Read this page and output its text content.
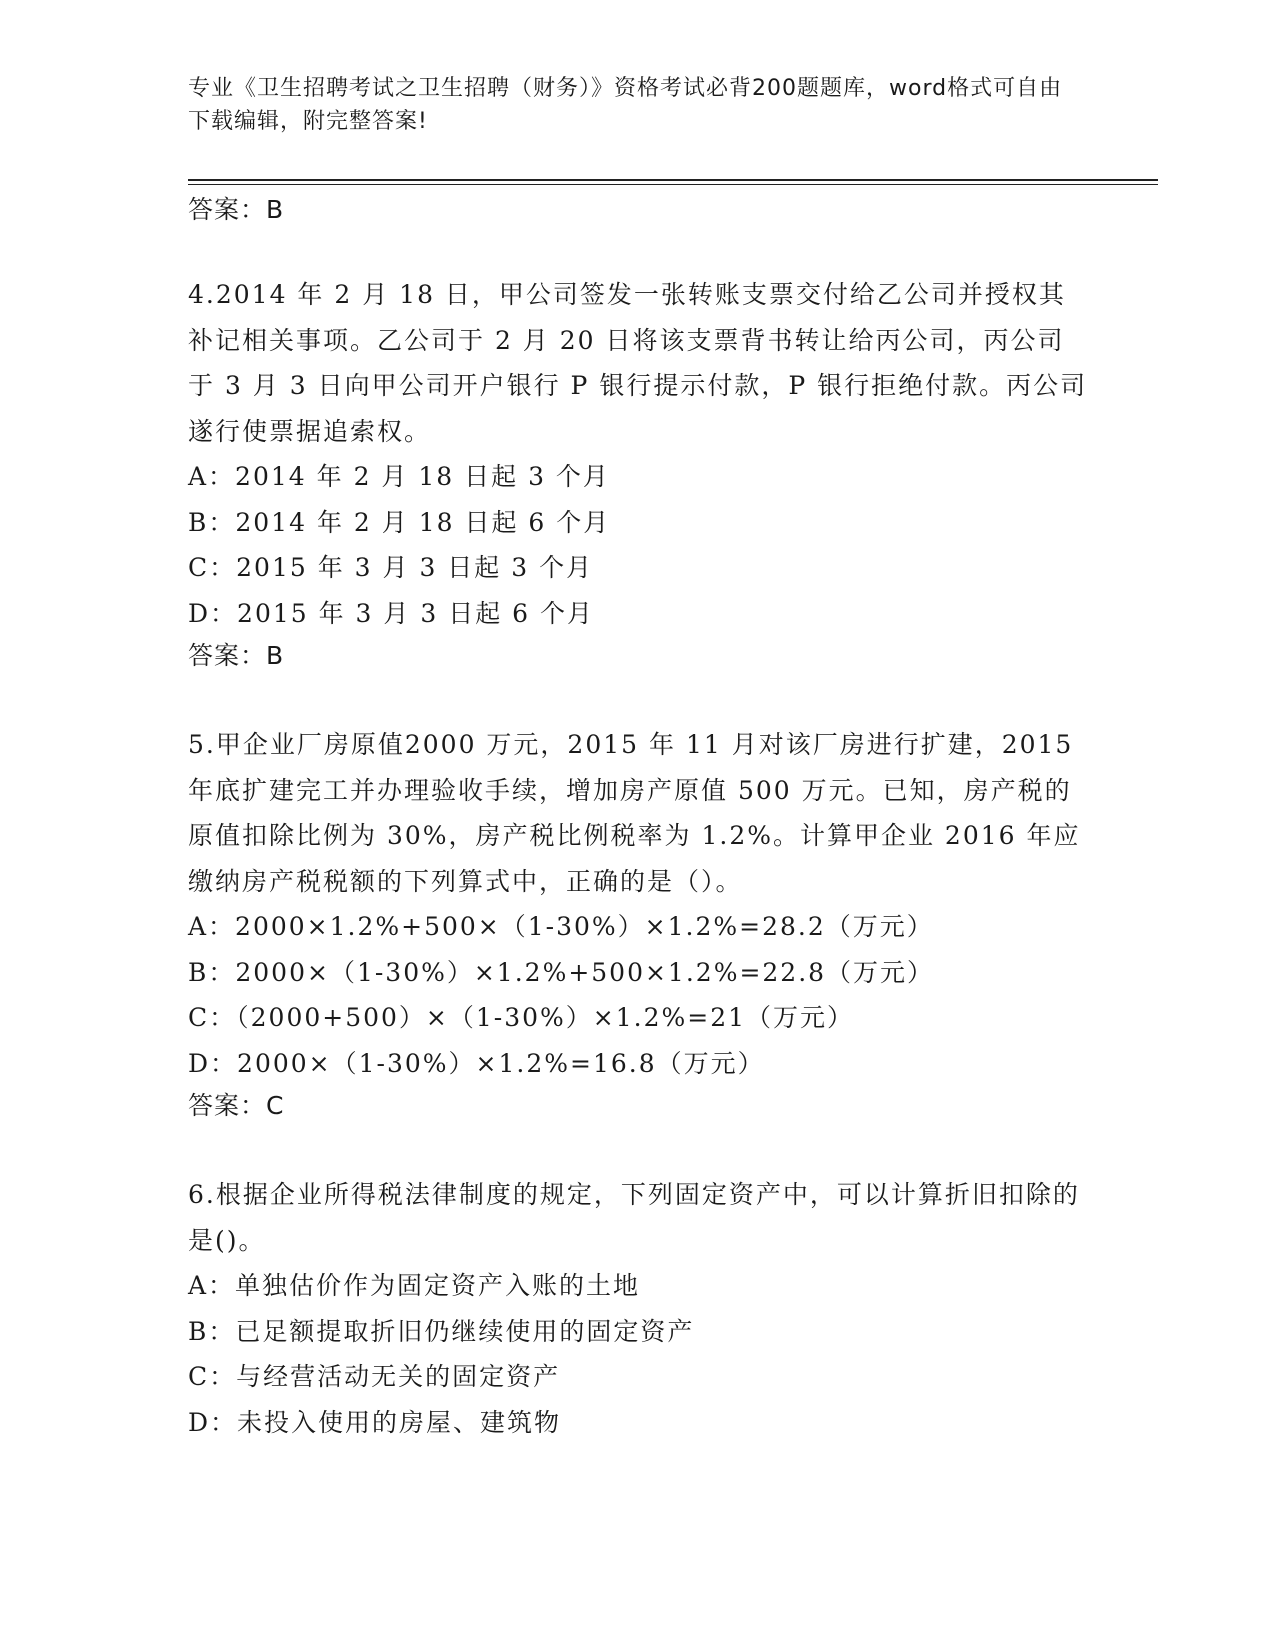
专业《卫生招聘考试之卫生招聘（财务）》资格考试必背200题题库，word格式可自由下载编辑，附完整答案!
答案：B

4.2014 年 2 月 18 日，甲公司签发一张转账支票交付给乙公司并授权其补记相关事项。乙公司于 2 月 20 日将该支票背书转让给丙公司，丙公司于 3 月 3 日向甲公司开户银行 P 银行提示付款，P 银行拒绝付款。丙公司遂行使票据追索权。

A：2014 年 2 月 18 日起 3 个月
B：2014 年 2 月 18 日起 6 个月
C：2015 年 3 月 3 日起 3 个月
D：2015 年 3 月 3 日起 6 个月
答案：B

5.甲企业厂房原值2000 万元，2015 年 11 月对该厂房进行扩建，2015 年底扩建完工并办理验收手续，增加房产原值 500 万元。已知，房产税的原值扣除比例为 30%，房产税比例税率为 1.2%。计算甲企业 2016 年应缴纳房产税税额的下列算式中，正确的是（）。

A：2000×1.2%+500×（1-30%）×1.2%=28.2（万元）
B：2000×（1-30%）×1.2%+500×1.2%=22.8（万元）
C：（2000+500）×（1-30%）×1.2%=21（万元）
D：2000×（1-30%）×1.2%=16.8（万元）
答案：C

6.根据企业所得税法律制度的规定，下列固定资产中，可以计算折旧扣除的是()。

A：单独估价作为固定资产入账的土地
B：已足额提取折旧仍继续使用的固定资产
C：与经营活动无关的固定资产
D：未投入使用的房屋、建筑物
